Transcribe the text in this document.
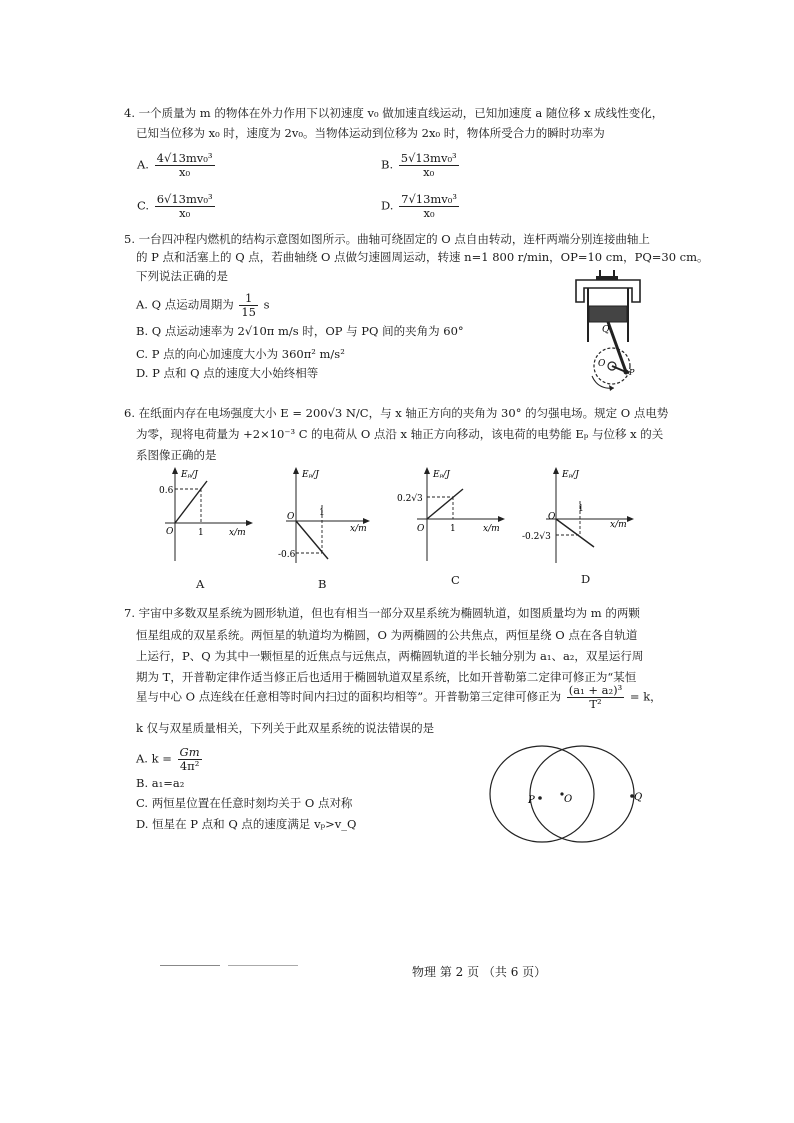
4. 一个质量为 m 的物体在外力作用下以初速度 v₀ 做加速直线运动，已知加速度 a 随位移 x 成线性变化，
已知当位移为 x₀ 时，速度为 2v₀。当物体运动到位移为 2x₀ 时，物体所受合力的瞬时功率为
A. $\frac{\text{4√13mv₀³}}{\text{x₀}}$	B. $\frac{\text{5√13mv₀³}}{\text{x₀}}$
C. $\frac{\text{6√13mv₀³}}{\text{x₀}}$	D. $\frac{\text{7√13mv₀³}}{\text{x₀}}$
5. 一台四冲程内燃机的结构示意图如图所示。曲轴可绕固定的 O 点自由转动，连杆两端分别连接曲轴上
的 P 点和活塞上的 Q 点，若曲轴绕 O 点做匀速圆周运动，转速 n=1 800 r/min，OP=10 cm，PQ=30 cm。
下列说法正确的是
A. Q 点运动周期为 $\frac{1}{15}$ s
B. Q 点运动速率为 2√10π m/s 时，OP 与 PQ 间的夹角为 60°
C. P 点的向心加速度大小为 360π² m/s²
D. P 点和 Q 点的速度大小始终相等
Q
O
P
6. 在纸面内存在电场强度大小 E = 200√3 N/C，与 x 轴正方向的夹角为 30° 的匀强电场。规定 O 点电势
为零，现将电荷量为 +2×10⁻³ C 的电荷从 O 点沿 x 轴正方向移动，该电荷的电势能 Eₚ 与位移 x 的关
系图像正确的是
Eₚ/J
0.6
O	1	x/m
A
Eₚ/J
-0.6
O	1
x/m
B
Eₚ/J
0.2√3
O	1	x/m
C
Eₚ/J
-0.2√3
O
1
x/m
D
7. 宇宙中多数双星系统为圆形轨道，但也有相当一部分双星系统为椭圆轨道，如图质量均为 m 的两颗
恒星组成的双星系统。两恒星的轨道均为椭圆，O 为两椭圆的公共焦点，两恒星绕 O 点在各自轨道
上运行，P、Q 为其中一颗恒星的近焦点与远焦点，两椭圆轨道的半长轴分别为 a₁、a₂，双星运行周
期为 T，开普勒定律作适当修正后也适用于椭圆轨道双星系统，比如开普勒第二定律可修正为“某恒
星与中心 O 点连线在任意相等时间内扫过的面积均相等”。开普勒第三定律可修正为 $\frac{\text{(a₁ + a₂)³}}{\text{T²}} = k$，
k 仅与双星质量相关，下列关于此双星系统的说法错误的是
A. $k = \frac{Gm}{\text{4π²}}$
B. a₁=a₂
C. 两恒星位置在任意时刻均关于 O 点对称
D. 恒星在 P 点和 Q 点的速度满足 vₚ>v_Q
P	O	Q
物理 第 2 页 （共 6 页）
